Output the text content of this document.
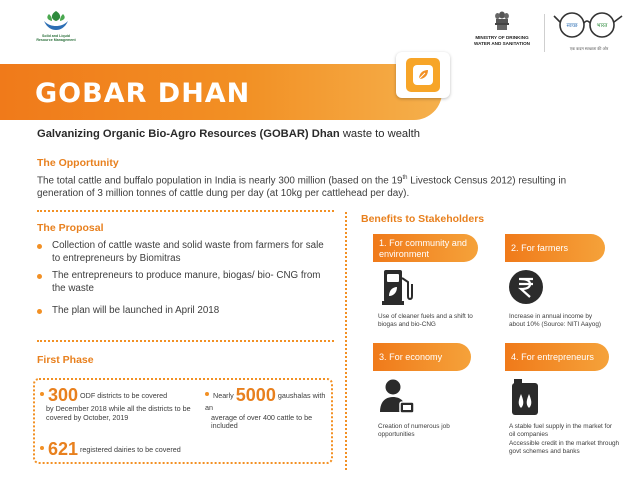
Solid and Liquid
Resource Management
MINISTRY OF DRINKING
WATER AND SANITATION
स्वच्छ	भारत
एक कदम स्वच्छता की ओर
GOBAR DHAN
Galvanizing Organic Bio-Agro Resources (GOBAR) Dhan waste to wealth
The Opportunity
The total cattle and buffalo population in India is nearly 300 million (based on the 19th Livestock Census 2012) resulting in generation of 3 million tonnes of cattle dung per day (at 10kg per cattlehead per day).
The Proposal
Collection of cattle waste and solid waste from farmers for sale to entrepreneurs by Biomitras
The entrepreneurs to produce manure, biogas/ bio- CNG from the waste
The plan will be launched in April 2018
First Phase
300 ODF districts to be covered

by December 2018 while all the districts to be covered by October, 2019
Nearly 5000 gaushalas with an

average of over 400 cattle to be included
621 registered dairies to be covered
Benefits to Stakeholders
1. For community and environment
Use of cleaner fuels and a shift to
biogas and bio-CNG
2. For farmers
Increase in annual income by
about 10% (Source: NITI Aayog)
3. For economy
Creation of numerous job
opportunities
4. For entrepreneurs
A stable fuel supply in the market for
oil companies
Accessible credit in the market through
govt schemes and banks
